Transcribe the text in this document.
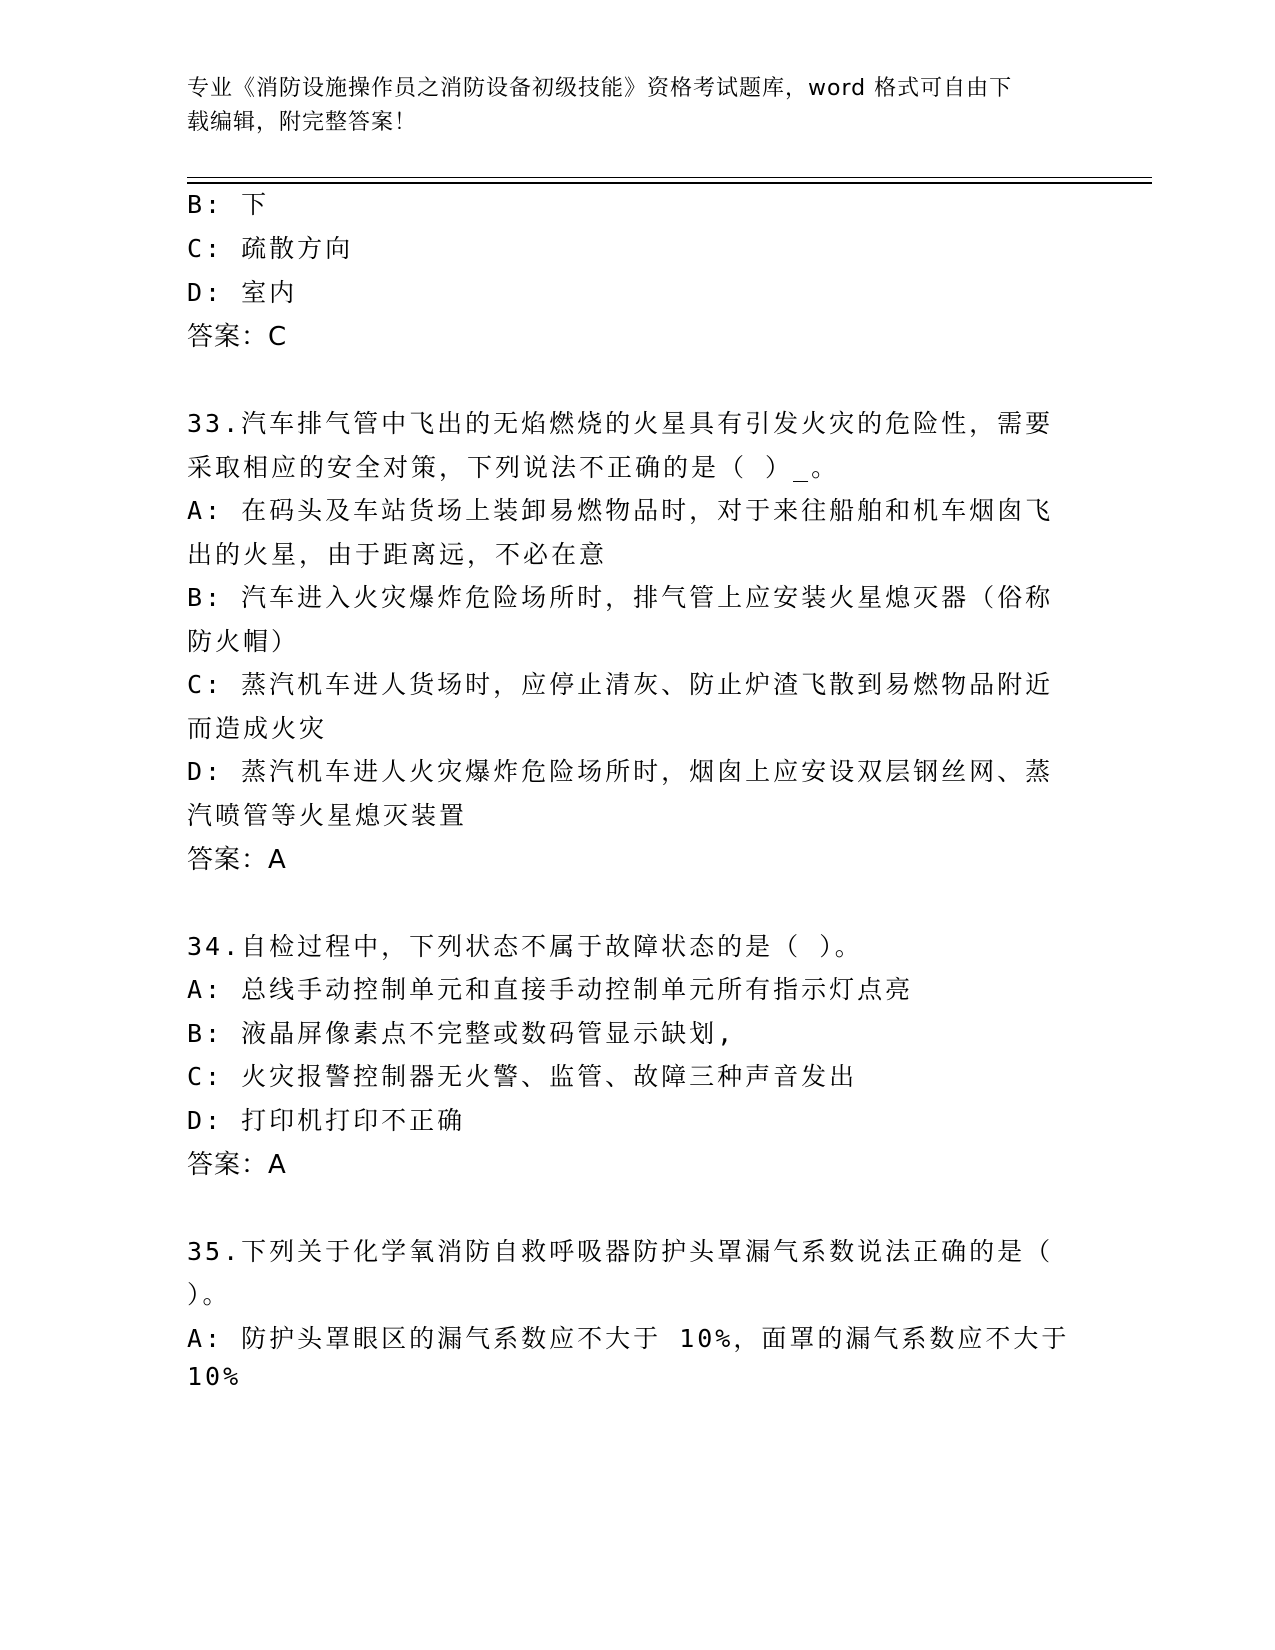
专业《消防设施操作员之消防设备初级技能》资格考试题库，word 格式可自由下
载编辑，附完整答案！
B: 下
C: 疏散方向
D: 室内
答案：C
33.汽车排气管中飞出的无焰燃烧的火星具有引发火灾的危险性，需要
采取相应的安全对策，下列说法不正确的是（ ）_。
A: 在码头及车站货场上装卸易燃物品时，对于来往船舶和机车烟囱飞
出的火星，由于距离远，不必在意
B: 汽车进入火灾爆炸危险场所时，排气管上应安装火星熄灭器（俗称
防火帽）
C: 蒸汽机车进人货场时，应停止清灰、防止炉渣飞散到易燃物品附近
而造成火灾
D: 蒸汽机车进人火灾爆炸危险场所时，烟囱上应安设双层钢丝网、蒸
汽喷管等火星熄灭装置
答案：A
34.自检过程中，下列状态不属于故障状态的是（ ）。
A: 总线手动控制单元和直接手动控制单元所有指示灯点亮
B: 液晶屏像素点不完整或数码管显示缺划,
C: 火灾报警控制器无火警、监管、故障三种声音发出
D: 打印机打印不正确
答案：A
35.下列关于化学氧消防自救呼吸器防护头罩漏气系数说法正确的是（
）。
A: 防护头罩眼区的漏气系数应不大于 10%，面罩的漏气系数应不大于
10%
